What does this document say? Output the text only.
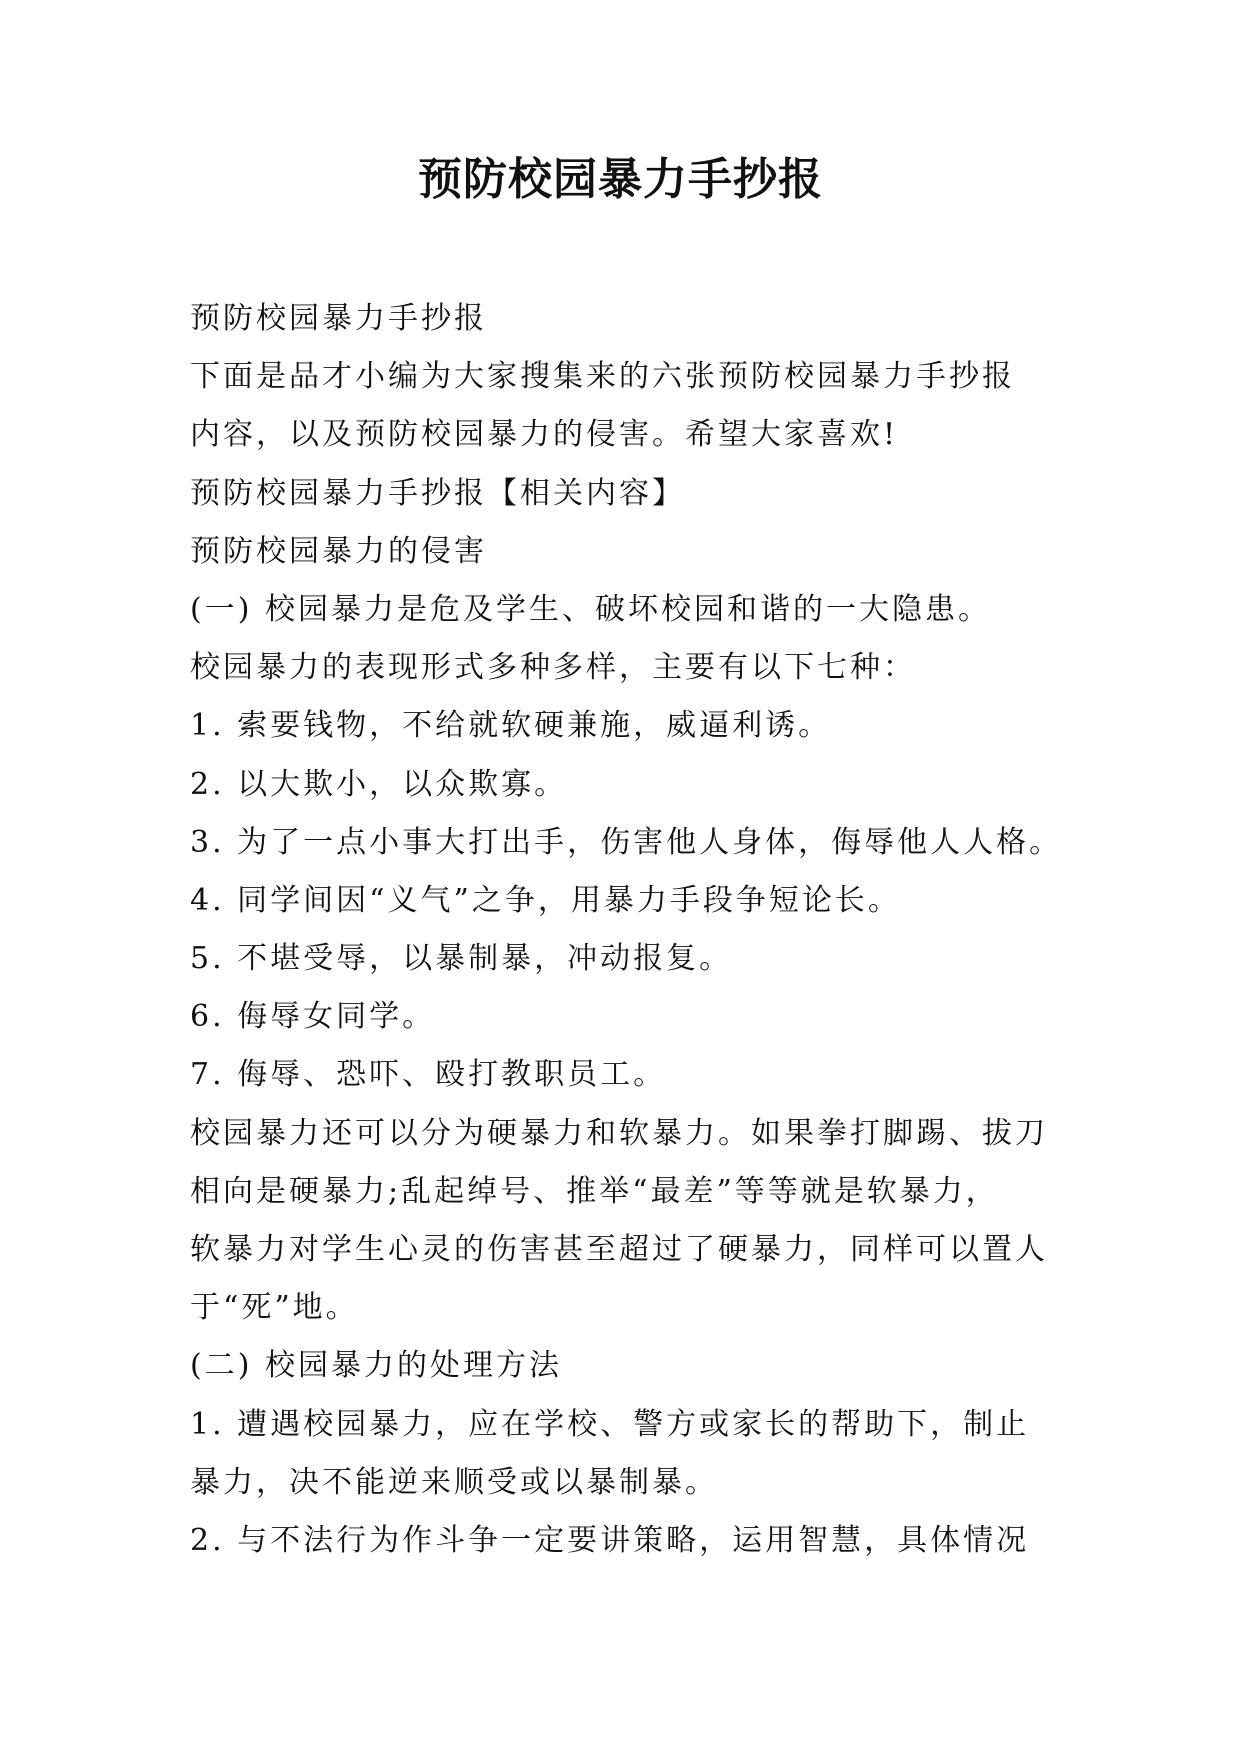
预防校园暴力手抄报

预防校园暴力手抄报

下面是品才小编为大家搜集来的六张预防校园暴力手抄报

内容，以及预防校园暴力的侵害。希望大家喜欢!

预防校园暴力手抄报【相关内容】

预防校园暴力的侵害

(一) 校园暴力是危及学生、破坏校园和谐的一大隐患。

校园暴力的表现形式多种多样，主要有以下七种：

1. 索要钱物，不给就软硬兼施，威逼利诱。

2. 以大欺小，以众欺寡。

3. 为了一点小事大打出手，伤害他人身体，侮辱他人人格。

4. 同学间因“义气”之争，用暴力手段争短论长。

5. 不堪受辱，以暴制暴，冲动报复。

6. 侮辱女同学。

7. 侮辱、恐吓、殴打教职员工。

校园暴力还可以分为硬暴力和软暴力。如果拳打脚踢、拔刀

相向是硬暴力;乱起绰号、推举“最差”等等就是软暴力，

软暴力对学生心灵的伤害甚至超过了硬暴力，同样可以置人

于“死”地。

(二) 校园暴力的处理方法

1. 遭遇校园暴力，应在学校、警方或家长的帮助下，制止

暴力，决不能逆来顺受或以暴制暴。

2. 与不法行为作斗争一定要讲策略，运用智慧，具体情况
